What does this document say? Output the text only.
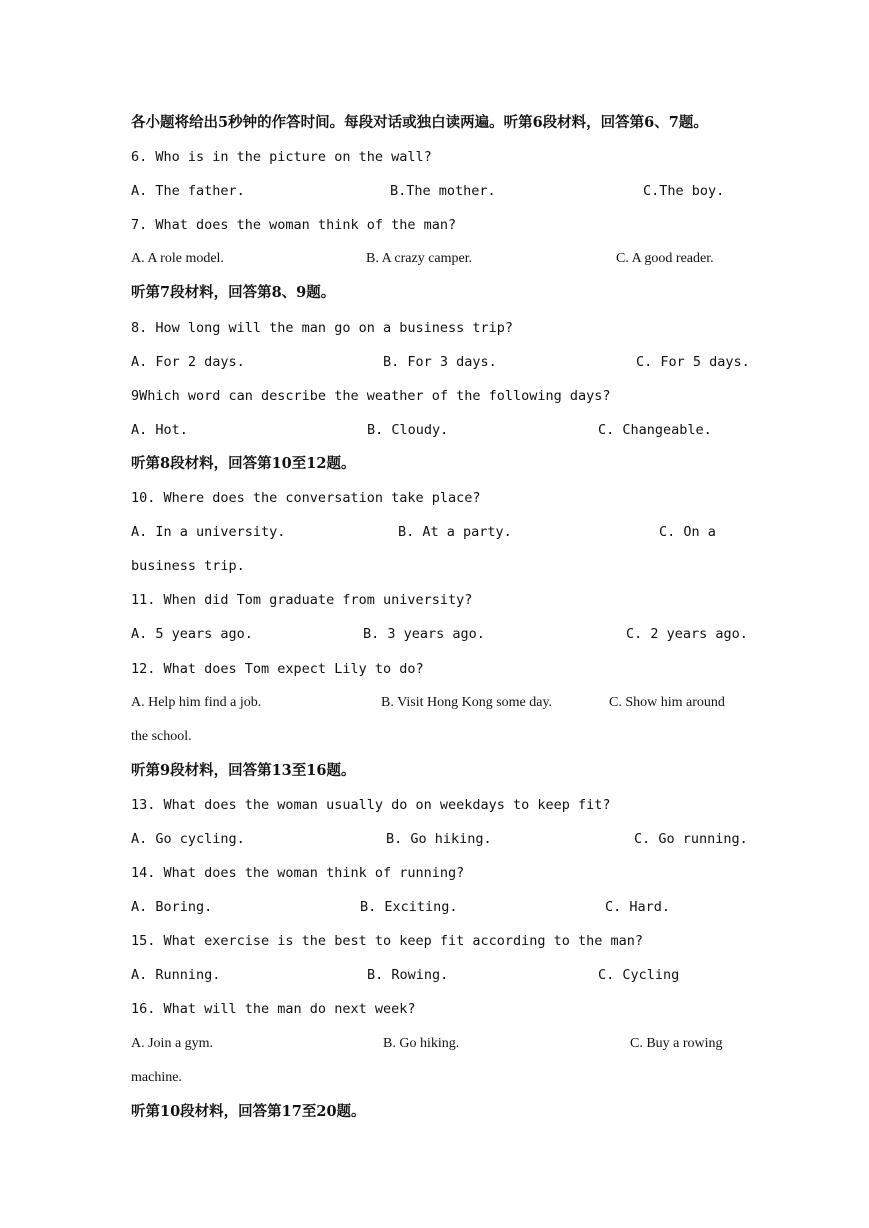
各小题将给出5秒钟的作答时间。每段对话或独白读两遍。听第6段材料，回答第6、7题。
6. Who is in the picture on the wall?
A. The father.	B.The mother.	C.The boy.
7. What does the woman think of the man?
A. A role model.	B. A crazy camper.	C. A good reader.
听第7段材料，回答第8、9题。
8. How long will the man go on a business trip?
A. For 2 days.	B. For 3 days.	C. For 5 days.
9Which word can describe the weather of the following days?
A. Hot.	B. Cloudy.	C. Changeable.
听第8段材料，回答第10至12题。
10. Where does the conversation take place?
A. In a university.	B. At a party.	C. On a
business trip.
11. When did Tom graduate from university?
A. 5 years ago.	B. 3 years ago.	C. 2 years ago.
12. What does Tom expect Lily to do?
A. Help him find a job.	B. Visit Hong Kong some day.	C. Show him around
the school.
听第9段材料，回答第13至16题。
13. What does the woman usually do on weekdays to keep fit?
A. Go cycling.	B. Go hiking.	C. Go running.
14. What does the woman think of running?
A. Boring.	B. Exciting.	C. Hard.
15. What exercise is the best to keep fit according to the man?
A. Running.	B. Rowing.	C. Cycling
16. What will the man do next week?
A. Join a gym.	B. Go hiking.	C. Buy a rowing
machine.
听第10段材料，回答第17至20题。
